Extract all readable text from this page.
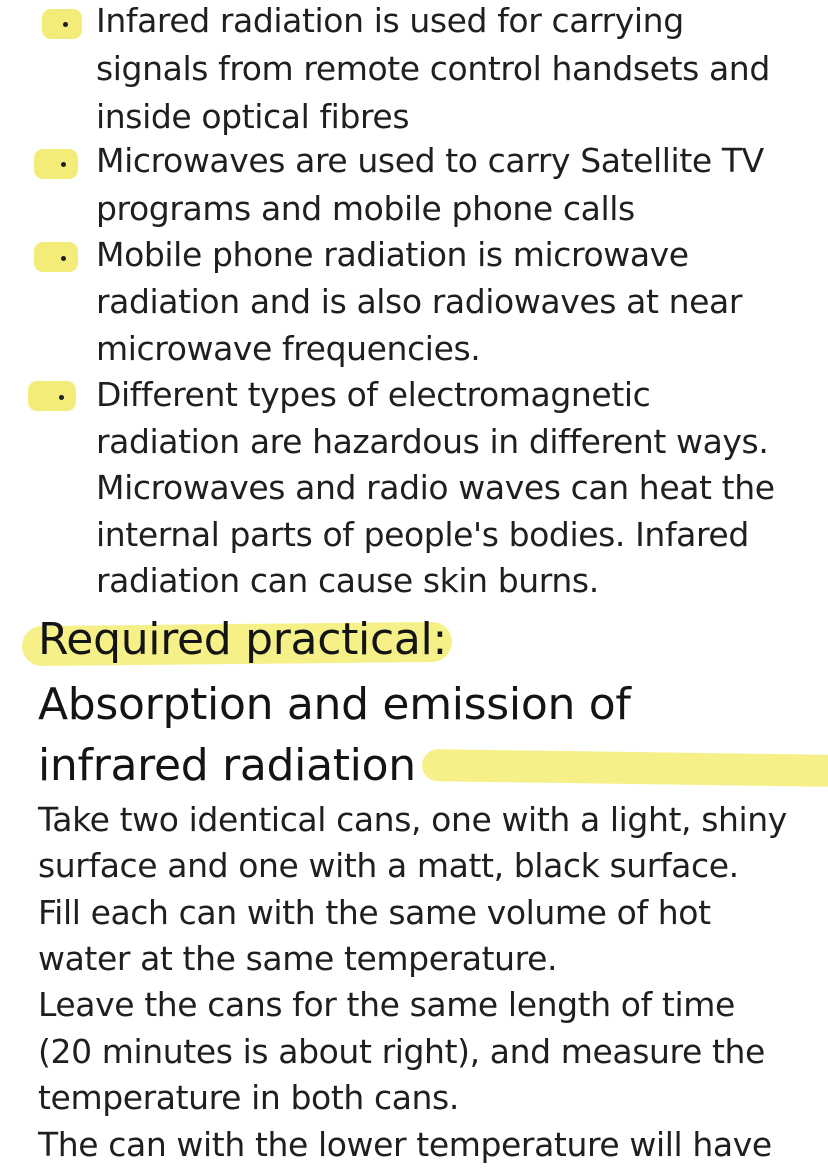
Infared radiation is used for carrying
signals from remote control handsets and
inside optical fibres
Microwaves are used to carry Satellite TV
programs and mobile phone calls
Mobile phone radiation is microwave
radiation and is also radiowaves at near
microwave frequencies.
Different types of electromagnetic
radiation are hazardous in different ways.
Microwaves and radio waves can heat the
internal parts of people's bodies. Infared
radiation can cause skin burns.
Required practical:
Absorption and emission of
infrared radiation
Take two identical cans, one with a light, shiny
surface and one with a matt, black surface.
Fill each can with the same volume of hot
water at the same temperature.
Leave the cans for the same length of time
(20 minutes is about right), and measure the
temperature in both cans.
The can with the lower temperature will have
